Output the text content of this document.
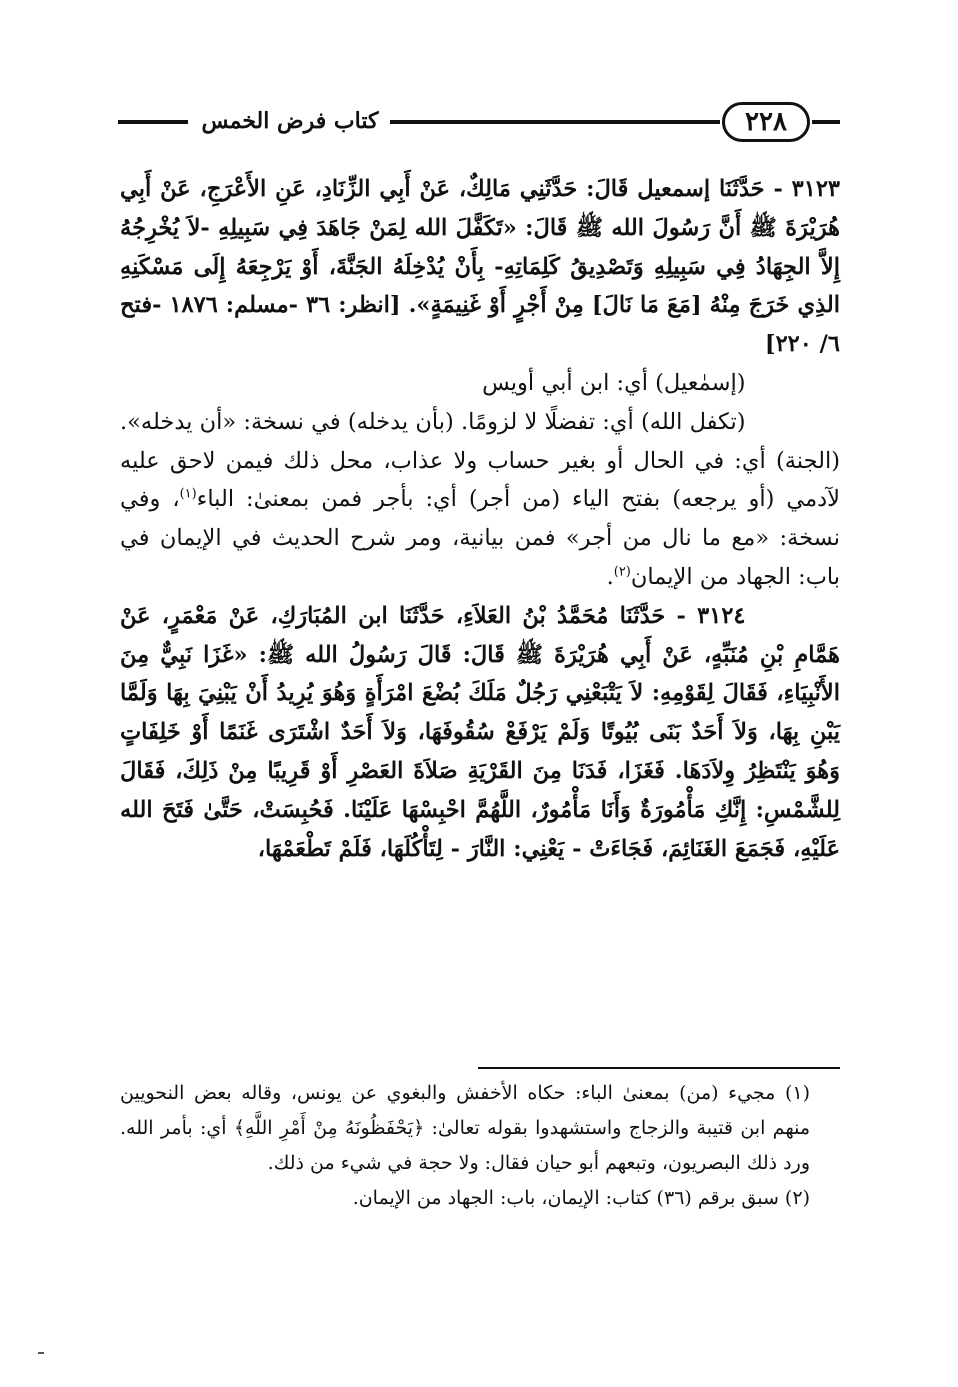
كتاب فرض الخمس	٢٢٨

٣١٢٣ - حَدَّثَنَا إسمعيل قَالَ: حَدَّثَنِي مَالِكٌ، عَنْ أَبِي الزِّنَادِ، عَنِ الأَعْرَجِ، عَنْ أَبِي هُرَيْرَةَ ﷺ أَنَّ رَسُولَ الله ﷺ قَالَ: «تَكَفَّلَ الله لِمَنْ جَاهَدَ فِي سَبِيلِهِ -لاَ يُخْرِجُهُ إِلاَّ الجِهَادُ فِي سَبِيلِهِ وَتَصْدِيقُ كَلِمَاتِهِ- بِأَنْ يُدْخِلَهُ الجَنَّةَ، أَوْ يَرْجِعَهُ إِلَى مَسْكَنِهِ الذِي خَرَجَ مِنْهُ [مَعَ مَا نَالَ] مِنْ أَجْرٍ أَوْ غَنِيمَةٍ». [انظر: ٣٦ -مسلم: ١٨٧٦ -فتح ٦/ ٢٢٠]

(إسمٰعيل) أي: ابن أبي أويس

(تكفل الله) أي: تفضلًا لا لزومًا. (بأن يدخله) في نسخة: «أن يدخله». (الجنة) أي: في الحال أو بغير حساب ولا عذاب، محل ذلك فيمن لاحق عليه لآدمي (أو يرجعه) بفتح الياء (من أجر) أي: بأجر فمن بمعنىٰ: الباء$^{(١)}$، وفي نسخة: «مع ما نال من أجر» فمن بيانية، ومر شرح الحديث في الإيمان في باب: الجهاد من الإيمان$^{(٢)}$.

٣١٢٤ - حَدَّثَنَا مُحَمَّدُ بْنُ العَلاَءِ، حَدَّثَنَا ابن المُبَارَكِ، عَنْ مَعْمَرٍ، عَنْ هَمَّامِ بْنِ مُنَبِّهٍ، عَنْ أَبِي هُرَيْرَةَ ﷺ قَالَ: قَالَ رَسُولُ الله ﷺ: «غَزَا نَبِيٌّ مِنَ الأَنْبِيَاءِ، فَقَالَ لِقَوْمِهِ: لاَ يَتْبَعْنِي رَجُلٌ مَلَكَ بُضْعَ امْرَأَةٍ وَهُوَ يُرِيدُ أَنْ يَبْنِيَ بِهَا وَلَمَّا يَبْنِ بِهَا، وَلاَ أَحَدٌ بَنَى بُيُوتًا وَلَمْ يَرْفَعْ سُقُوفَهَا، وَلاَ أَحَدٌ اشْتَرَى غَنَمًا أَوْ خَلِفَاتٍ وَهُوَ يَنْتَظِرُ وِلاَدَهَا. فَغَزَا، فَدَنَا مِنَ القَرْيَةِ صَلاَةَ العَصْرِ أَوْ قَرِيبًا مِنْ ذَلِكَ، فَقَالَ لِلشَّمْسِ: إِنَّكِ مَأْمُورَةٌ وَأَنَا مَأْمُورٌ، اللَّهُمَّ احْبِسْهَا عَلَيْنَا. فَحُبِسَتْ، حَتَّىٰ فَتَحَ الله عَلَيْهِ، فَجَمَعَ الغَنَائِمَ، فَجَاءَتْ - يَعْنِي: النَّارَ - لِتَأْكُلَهَا، فَلَمْ تَطْعَمْهَا،

(١) مجيء (من) بمعنىٰ الباء: حكاه الأخفش والبغوي عن يونس، وقاله بعض النحويين منهم ابن قتيبة والزجاج واستشهدوا بقوله تعالىٰ: ﴿يَحْفَظُونَهُ مِنْ أَمْرِ اللَّهِ﴾ أي: بأمر الله. ورد ذلك البصريون، وتبعهم أبو حيان فقال: ولا حجة في شيء من ذلك.

(٢) سبق برقم (٣٦) كتاب: الإيمان، باب: الجهاد من الإيمان.
